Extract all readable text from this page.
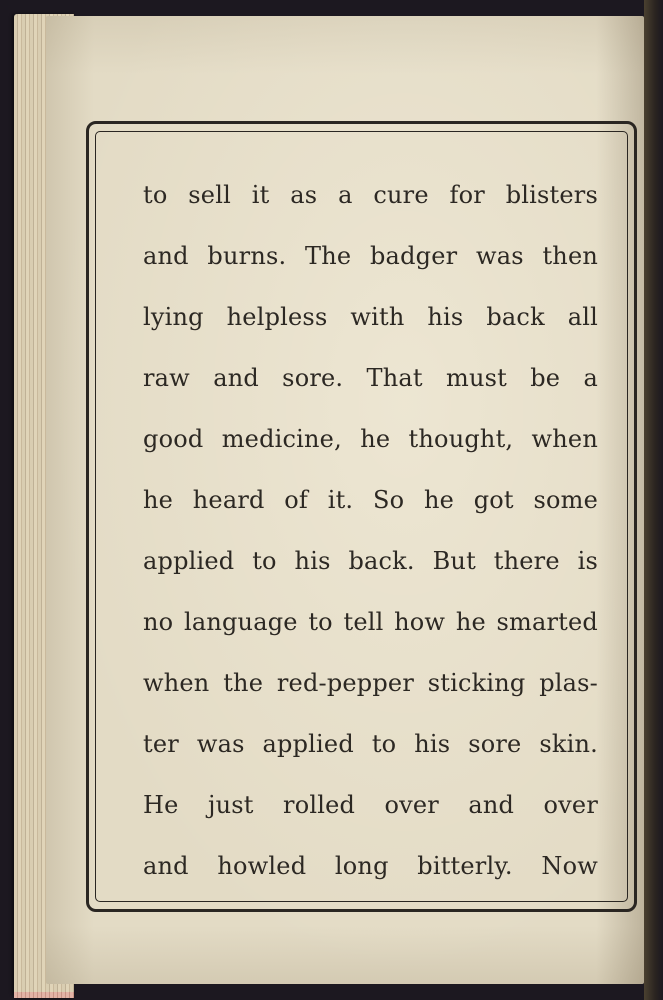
to sell it as a cure for blisters
and burns. The badger was then
lying helpless with his back all
raw and sore. That must be a
good medicine, he thought, when
he heard of it. So he got some
applied to his back. But there is
no language to tell how he smarted
when the red-pepper sticking plas-
ter was applied to his sore skin.
He just rolled over and over
and howled long bitterly. Now
